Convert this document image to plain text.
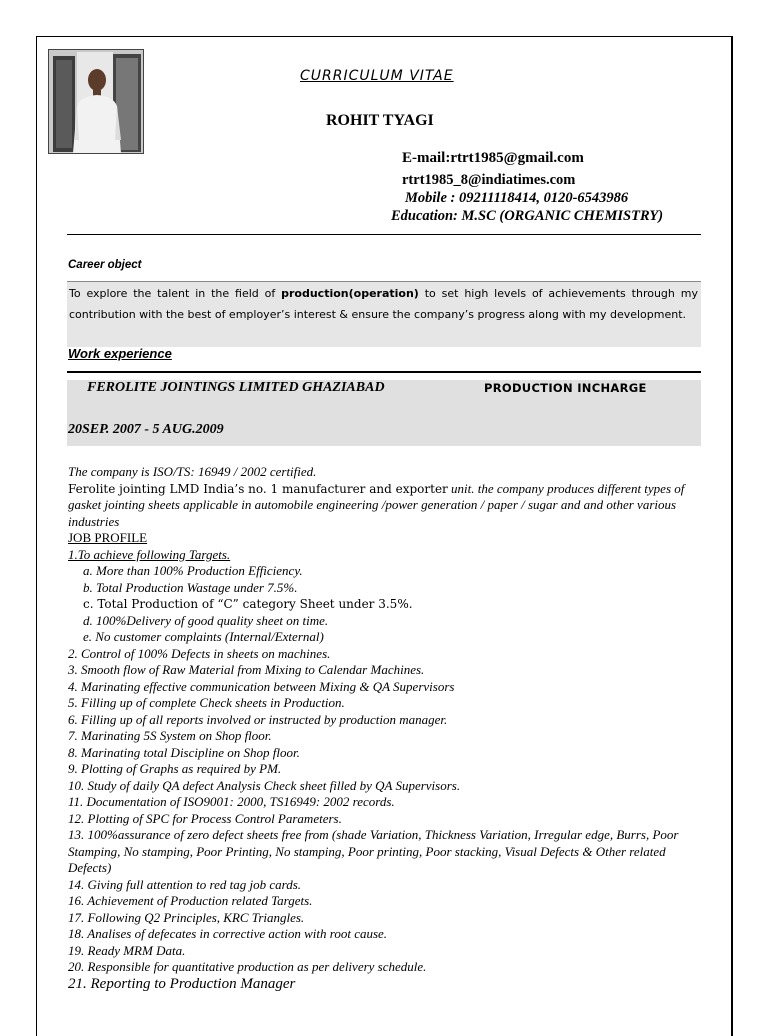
CURRICULUM VITAE
ROHIT TYAGI
E-mail:rtrt1985@gmail.com
rtrt1985_8@indiatimes.com
Mobile : 09211118414, 0120-6543986
Education: M.SC (ORGANIC CHEMISTRY)
Career object
To explore the talent in the field of production(operation) to set high levels of achievements through my contribution with the best of employer’s interest & ensure the company’s progress along with my development.
Work experience
FEROLITE JOINTINGS LIMITED GHAZIABAD	PRODUCTION INCHARGE
20SEP. 2007 - 5 AUG.2009

The company is ISO/TS: 16949 / 2002 certified.

Ferolite jointing LMD India’s no. 1 manufacturer and exporter unit. the company produces different types of gasket jointing sheets applicable in automobile engineering /power generation / paper / sugar and and other various industries

JOB PROFILE

1.To achieve following Targets.

a. More than 100% Production Efficiency.

b. Total Production Wastage under 7.5%.

c. Total Production of “C” category Sheet under 3.5%.

d. 100%Delivery of good quality sheet on time.

e. No customer complaints (Internal/External)

2. Control of 100% Defects in sheets on machines.

3. Smooth flow of Raw Material from Mixing to Calendar Machines.

4. Marinating effective communication between Mixing & QA Supervisors

5. Filling up of complete Check sheets in Production.

6. Filling up of all reports involved or instructed by production manager.

7. Marinating 5S System on Shop floor.

8. Marinating total Discipline on Shop floor.

9. Plotting of Graphs as required by PM.

10. Study of daily QA defect Analysis Check sheet filled by QA Supervisors.

11. Documentation of ISO9001: 2000, TS16949: 2002 records.

12. Plotting of SPC for Process Control Parameters.

13. 100%assurance of zero defect sheets free from (shade Variation, Thickness Variation, Irregular edge, Burrs, Poor Stamping, No stamping, Poor Printing, No stamping, Poor printing, Poor stacking, Visual Defects & Other related Defects)

14. Giving full attention to red tag job cards.

16. Achievement of Production related Targets.

17. Following Q2 Principles, KRC Triangles.

18. Analises of defecates in corrective action with root cause.

19. Ready MRM Data.

20. Responsible for quantitative production as per delivery schedule.

21. Reporting to Production Manager
